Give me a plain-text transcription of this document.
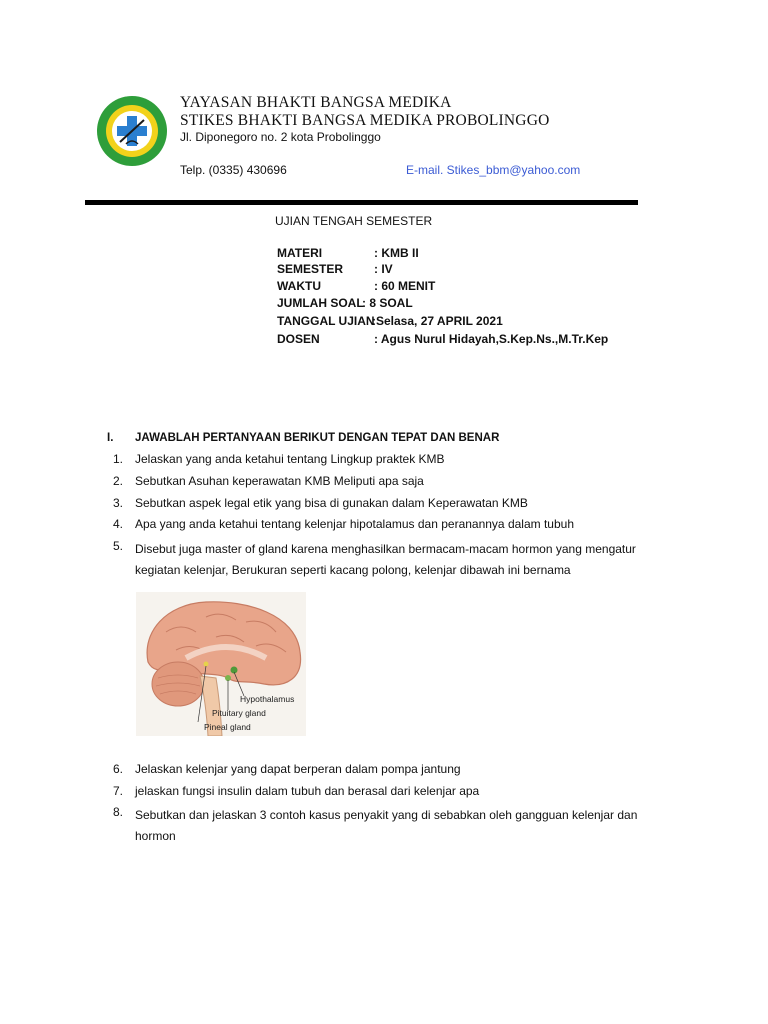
YAYASAN BHAKTI BANGSA MEDIKA
STIKES BHAKTI BANGSA MEDIKA PROBOLINGGO
Jl. Diponegoro no. 2 kota Probolinggo
Telp. (0335) 430696	E-mail. Stikes_bbm@yahoo.com
UJIAN TENGAH SEMESTER
MATERI	: KMB II
SEMESTER	: IV
WAKTU	: 60 MENIT
JUMLAH SOAL
: 8 SOAL
TANGGAL UJIAN
:Selasa, 27 APRIL 2021
DOSEN	: Agus Nurul Hidayah,S.Kep.Ns.,M.Tr.Kep
I. JAWABLAH PERTANYAAN BERIKUT DENGAN TEPAT DAN BENAR
1. Jelaskan yang anda ketahui tentang Lingkup praktek KMB
2. Sebutkan Asuhan keperawatan KMB Meliputi apa saja
3. Sebutkan aspek legal etik yang bisa di gunakan dalam Keperawatan KMB
4. Apa yang anda ketahui tentang kelenjar hipotalamus dan peranannya dalam tubuh
5. Disebut juga master of gland karena menghasilkan bermacam-macam hormon yang mengatur kegiatan kelenjar, Berukuran seperti kacang polong, kelenjar dibawah ini bernama
Hypothalamus
Pituitary gland
Pineal gland
6. Jelaskan kelenjar yang dapat berperan dalam pompa jantung
7. jelaskan fungsi insulin dalam tubuh dan berasal dari kelenjar apa
8. Sebutkan dan jelaskan 3 contoh kasus penyakit yang di sebabkan oleh gangguan kelenjar dan hormon
